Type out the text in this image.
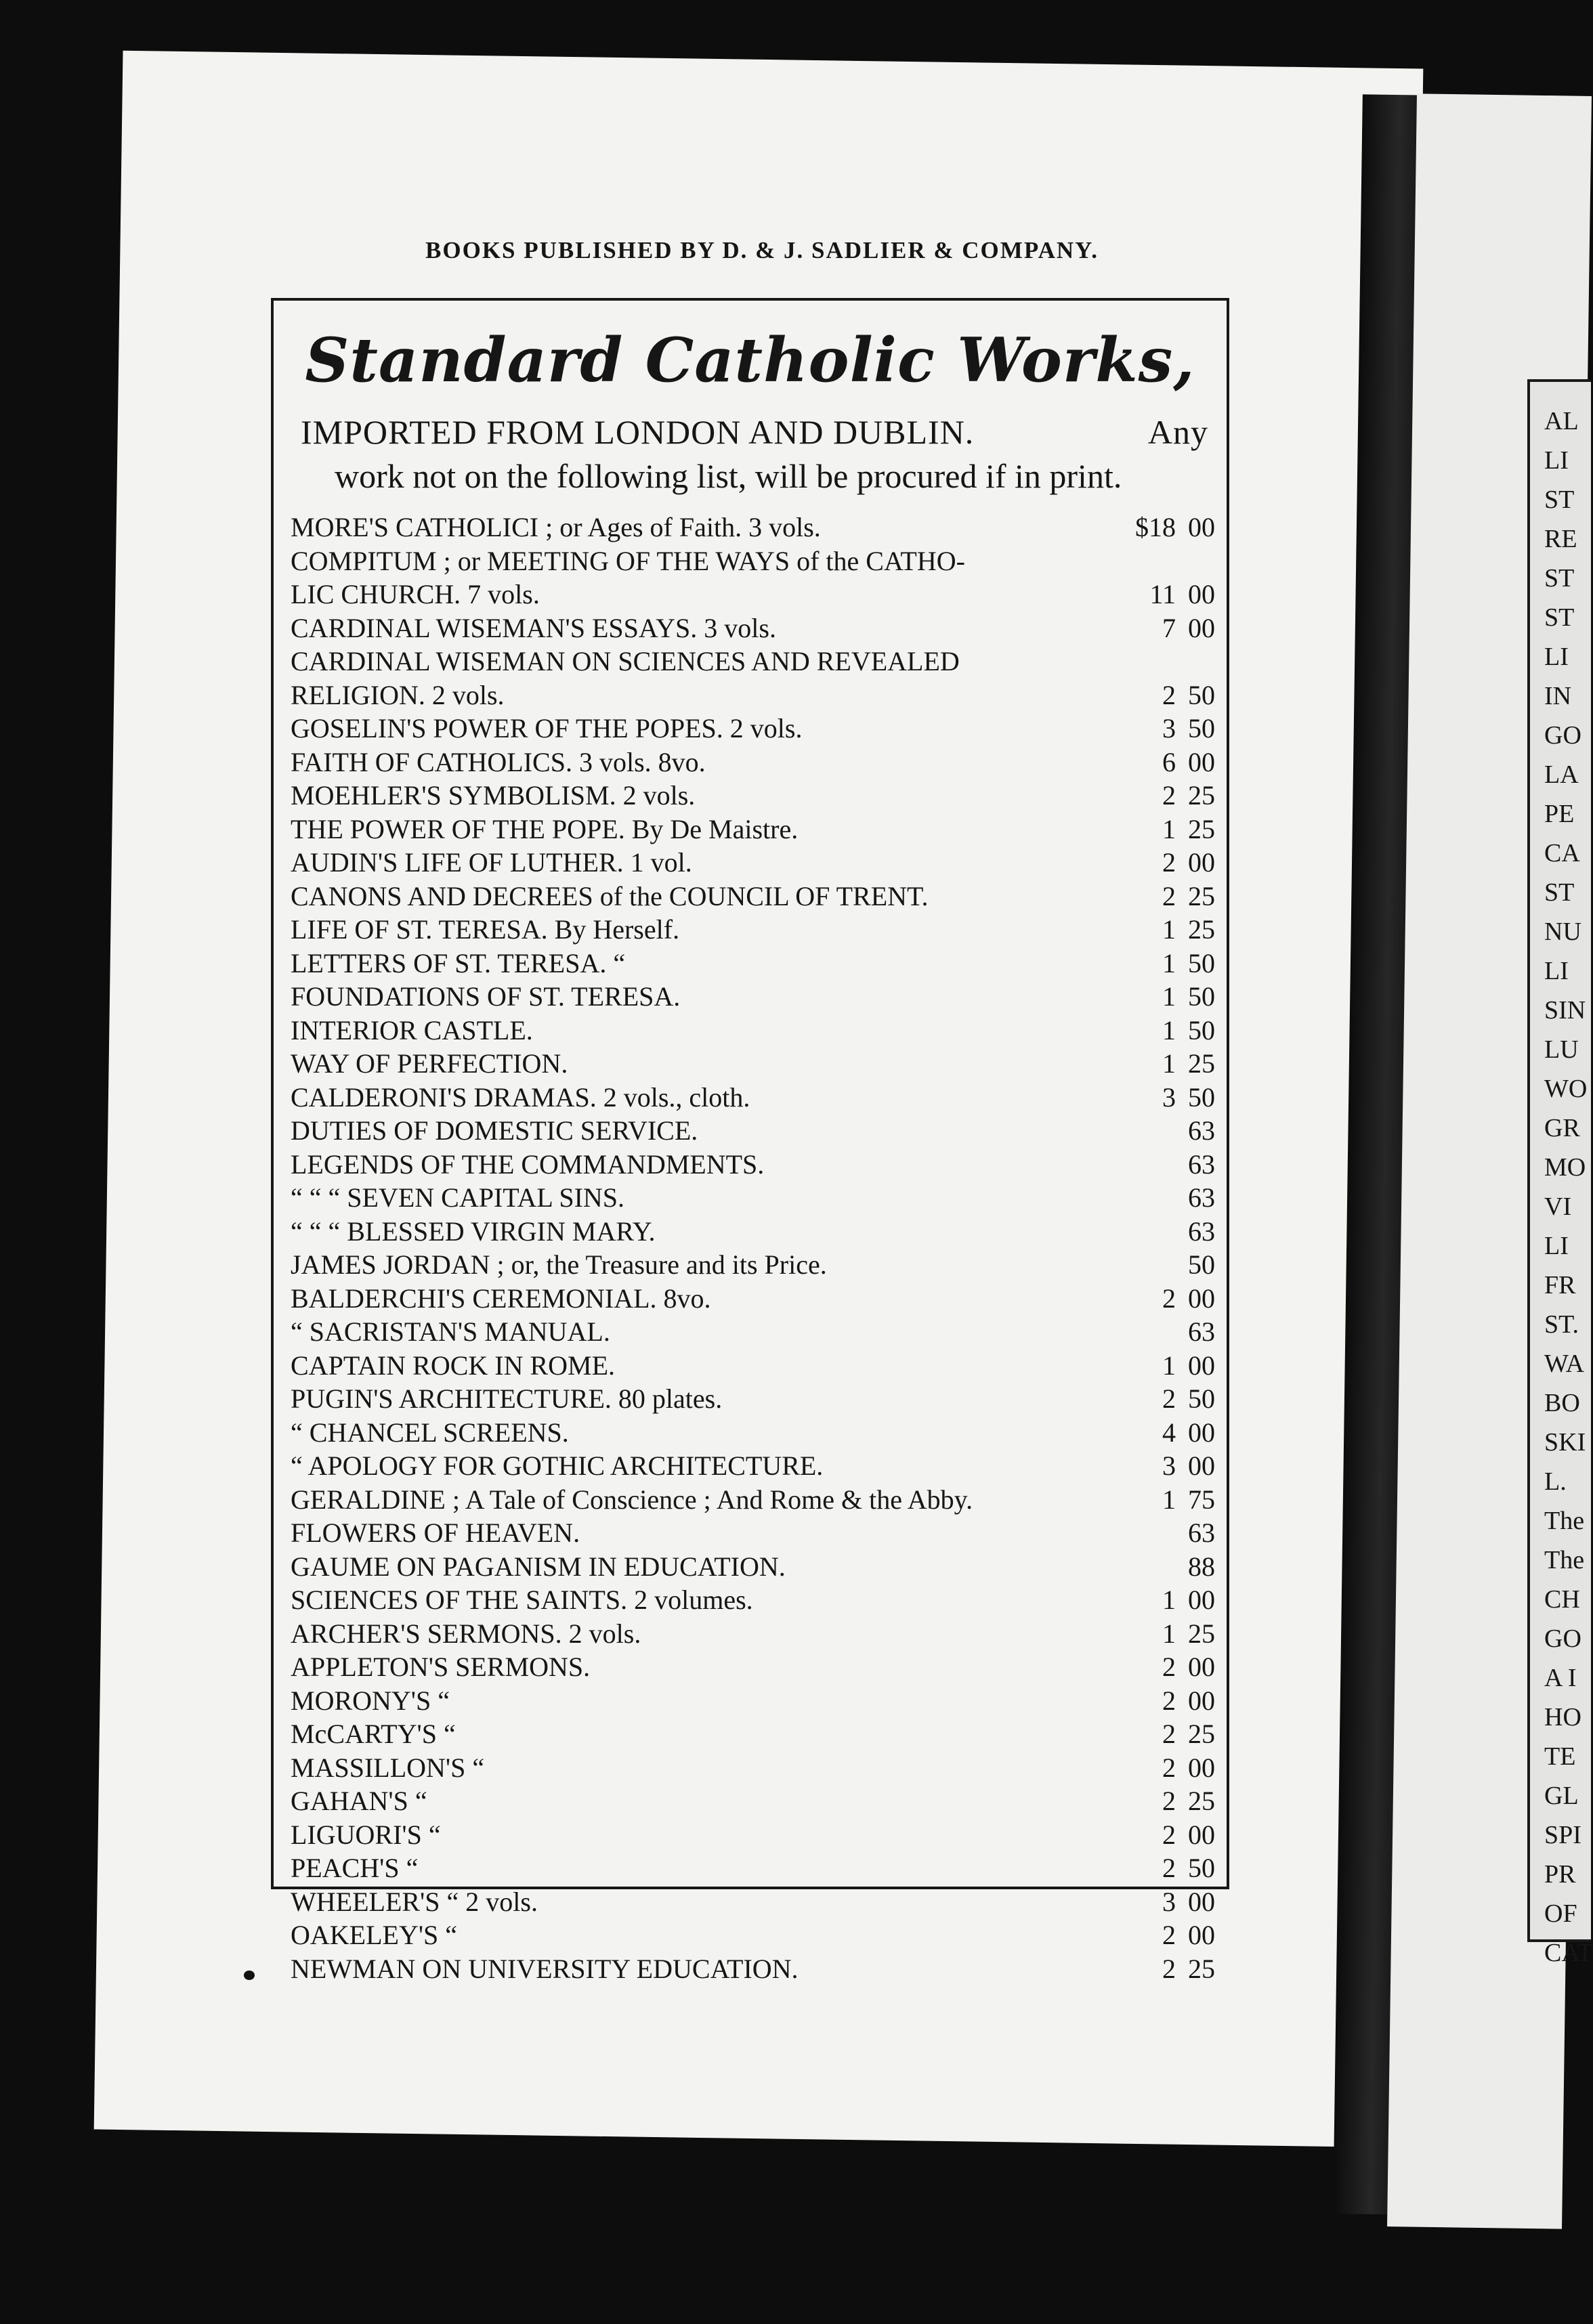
AL
LI
ST
RE
ST
ST
LI
IN
GO
LA
PE
CA
ST
NU
LI
SIN
LU
WO
GR
MO
VI
LI
FR
ST.
WA
BO
SKI
L.
The
The
CH
GO
A I
HO
TE
GL
SPI
PR
OF
CAT
BOOKS PUBLISHED BY D. & J. SADLIER & COMPANY.
Standard Catholic Works,
IMPORTED FROM LONDON AND DUBLIN.	Any
work not on the following list, will be procured if in print.
MORE'S CATHOLICI ; or Ages of Faith. 3 vols.	$18 00
COMPITUM ; or MEETING OF THE WAYS of the CATHO-
LIC CHURCH. 7 vols.	11 00
CARDINAL WISEMAN'S ESSAYS. 3 vols.	7 00
CARDINAL WISEMAN ON SCIENCES AND REVEALED
RELIGION. 2 vols.	2 50
GOSELIN'S POWER OF THE POPES. 2 vols.	3 50
FAITH OF CATHOLICS. 3 vols. 8vo.	6 00
MOEHLER'S SYMBOLISM. 2 vols.	2 25
THE POWER OF THE POPE. By De Maistre.	1 25
AUDIN'S LIFE OF LUTHER. 1 vol.	2 00
CANONS AND DECREES of the COUNCIL OF TRENT.	2 25
LIFE OF ST. TERESA. By Herself.	1 25
LETTERS OF ST. TERESA. “	1 50
FOUNDATIONS OF ST. TERESA.	1 50
INTERIOR CASTLE.	1 50
WAY OF PERFECTION.	1 25
CALDERONI'S DRAMAS. 2 vols., cloth.	3 50
DUTIES OF DOMESTIC SERVICE.	63
LEGENDS OF THE COMMANDMENTS.	63
“ “ “ SEVEN CAPITAL SINS.	63
“ “ “ BLESSED VIRGIN MARY.	63
JAMES JORDAN ; or, the Treasure and its Price.	50
BALDERCHI'S CEREMONIAL. 8vo.	2 00
“ SACRISTAN'S MANUAL.	63
CAPTAIN ROCK IN ROME.	1 00
PUGIN'S ARCHITECTURE. 80 plates.	2 50
“ CHANCEL SCREENS.	4 00
“ APOLOGY FOR GOTHIC ARCHITECTURE.	3 00
GERALDINE ; A Tale of Conscience ; And Rome & the Abby.	1 75
FLOWERS OF HEAVEN.	63
GAUME ON PAGANISM IN EDUCATION.	88
SCIENCES OF THE SAINTS. 2 volumes.	1 00
ARCHER'S SERMONS. 2 vols.	1 25
APPLETON'S SERMONS.	2 00
MORONY'S “	2 00
McCARTY'S “	2 25
MASSILLON'S “	2 00
GAHAN'S “	2 25
LIGUORI'S “	2 00
PEACH'S “	2 50
WHEELER'S “ 2 vols.	3 00
OAKELEY'S “	2 00
NEWMAN ON UNIVERSITY EDUCATION.	2 25
